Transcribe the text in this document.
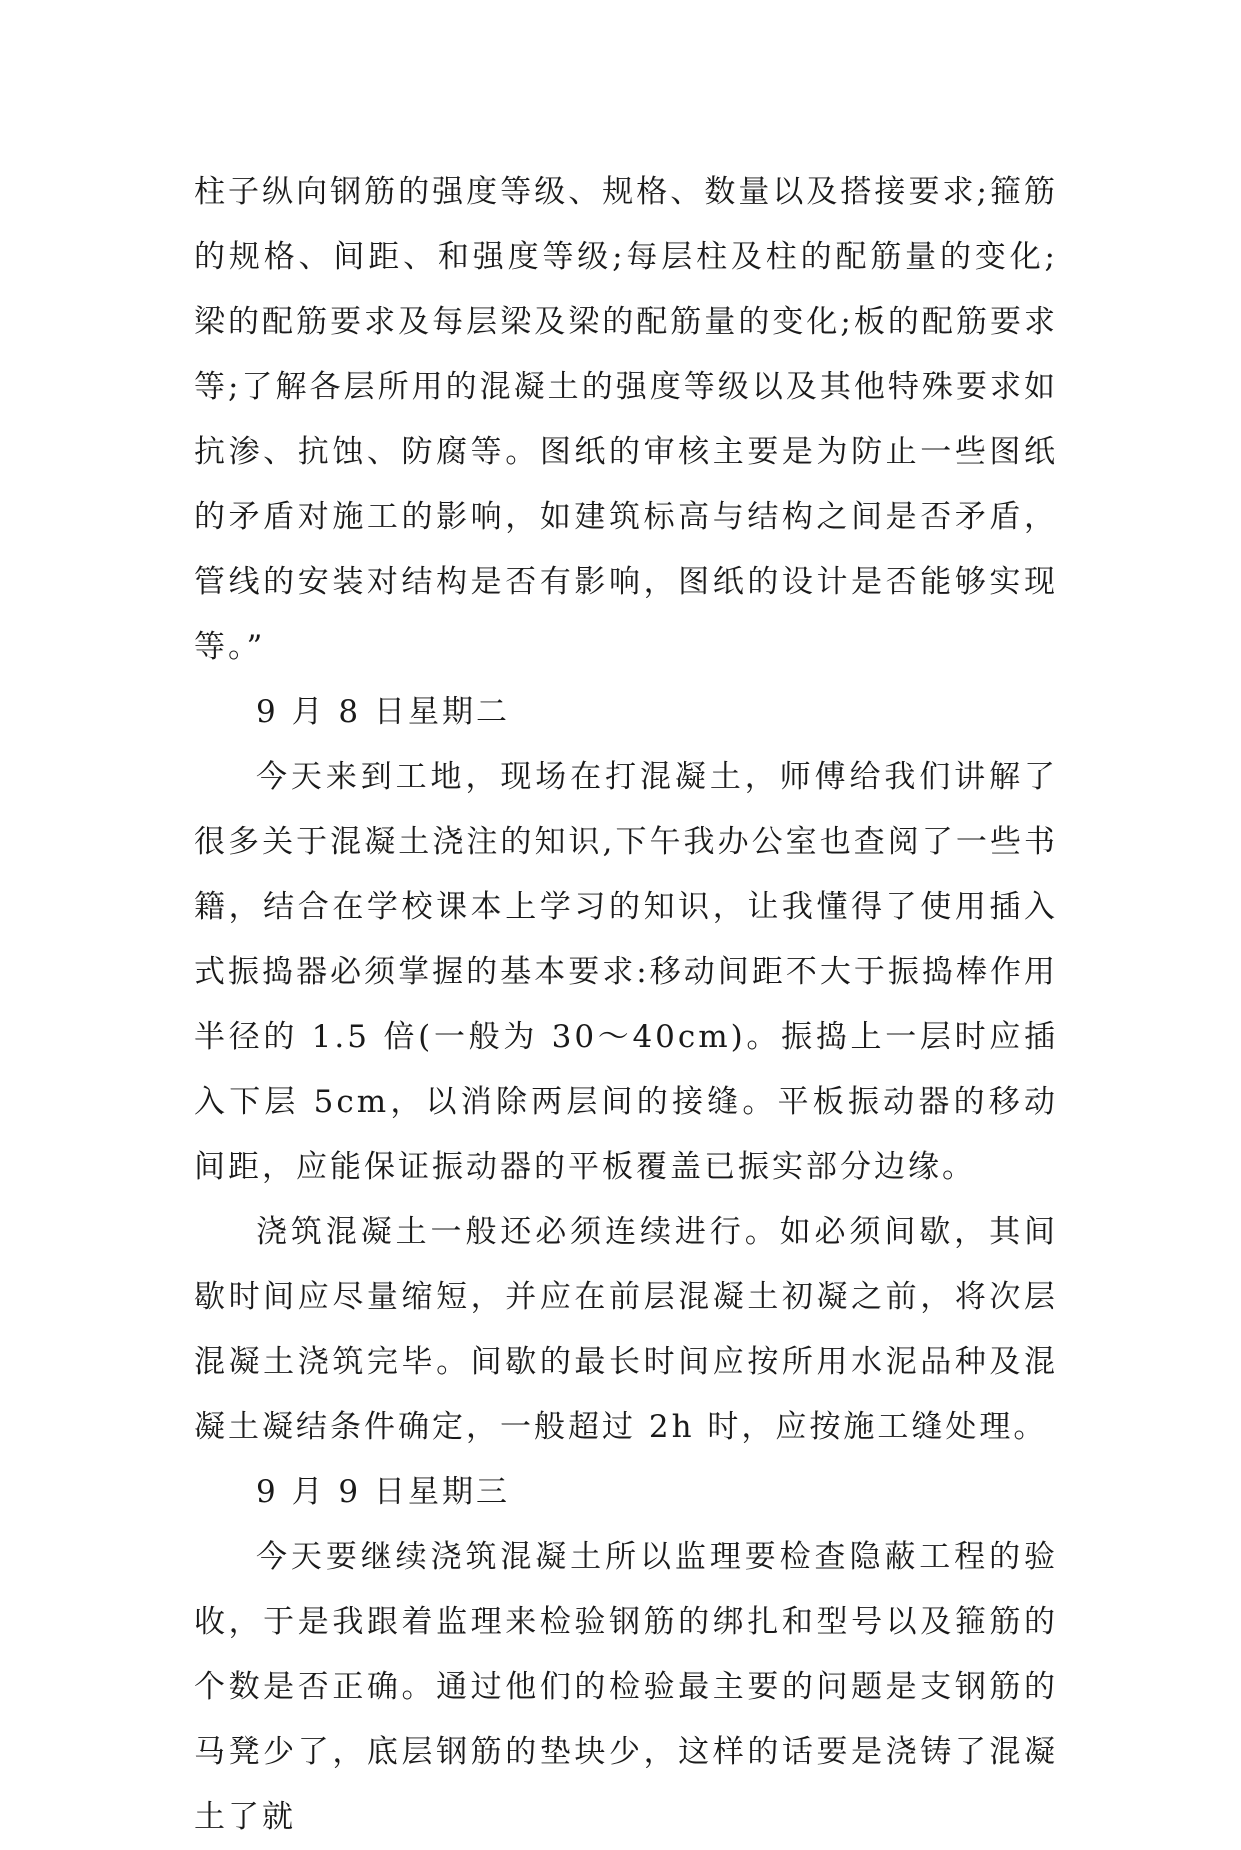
柱子纵向钢筋的强度等级、规格、数量以及搭接要求;箍筋的规格、间距、和强度等级;每层柱及柱的配筋量的变化;梁的配筋要求及每层梁及梁的配筋量的变化;板的配筋要求等;了解各层所用的混凝土的强度等级以及其他特殊要求如抗渗、抗蚀、防腐等。图纸的审核主要是为防止一些图纸的矛盾对施工的影响，如建筑标高与结构之间是否矛盾，管线的安装对结构是否有影响，图纸的设计是否能够实现等。”

9 月 8 日星期二

今天来到工地，现场在打混凝土，师傅给我们讲解了很多关于混凝土浇注的知识,下午我办公室也查阅了一些书籍，结合在学校课本上学习的知识，让我懂得了使用插入式振捣器必须掌握的基本要求:移动间距不大于振捣棒作用半径的 1.5 倍(一般为 30～40cm)。振捣上一层时应插入下层 5cm，以消除两层间的接缝。平板振动器的移动间距，应能保证振动器的平板覆盖已振实部分边缘。

浇筑混凝土一般还必须连续进行。如必须间歇，其间歇时间应尽量缩短，并应在前层混凝土初凝之前，将次层混凝土浇筑完毕。间歇的最长时间应按所用水泥品种及混凝土凝结条件确定，一般超过 2h 时，应按施工缝处理。

9 月 9 日星期三

今天要继续浇筑混凝土所以监理要检查隐蔽工程的验收，于是我跟着监理来检验钢筋的绑扎和型号以及箍筋的个数是否正确。通过他们的检验最主要的问题是支钢筋的马凳少了，底层钢筋的垫块少，这样的话要是浇铸了混凝土了就
